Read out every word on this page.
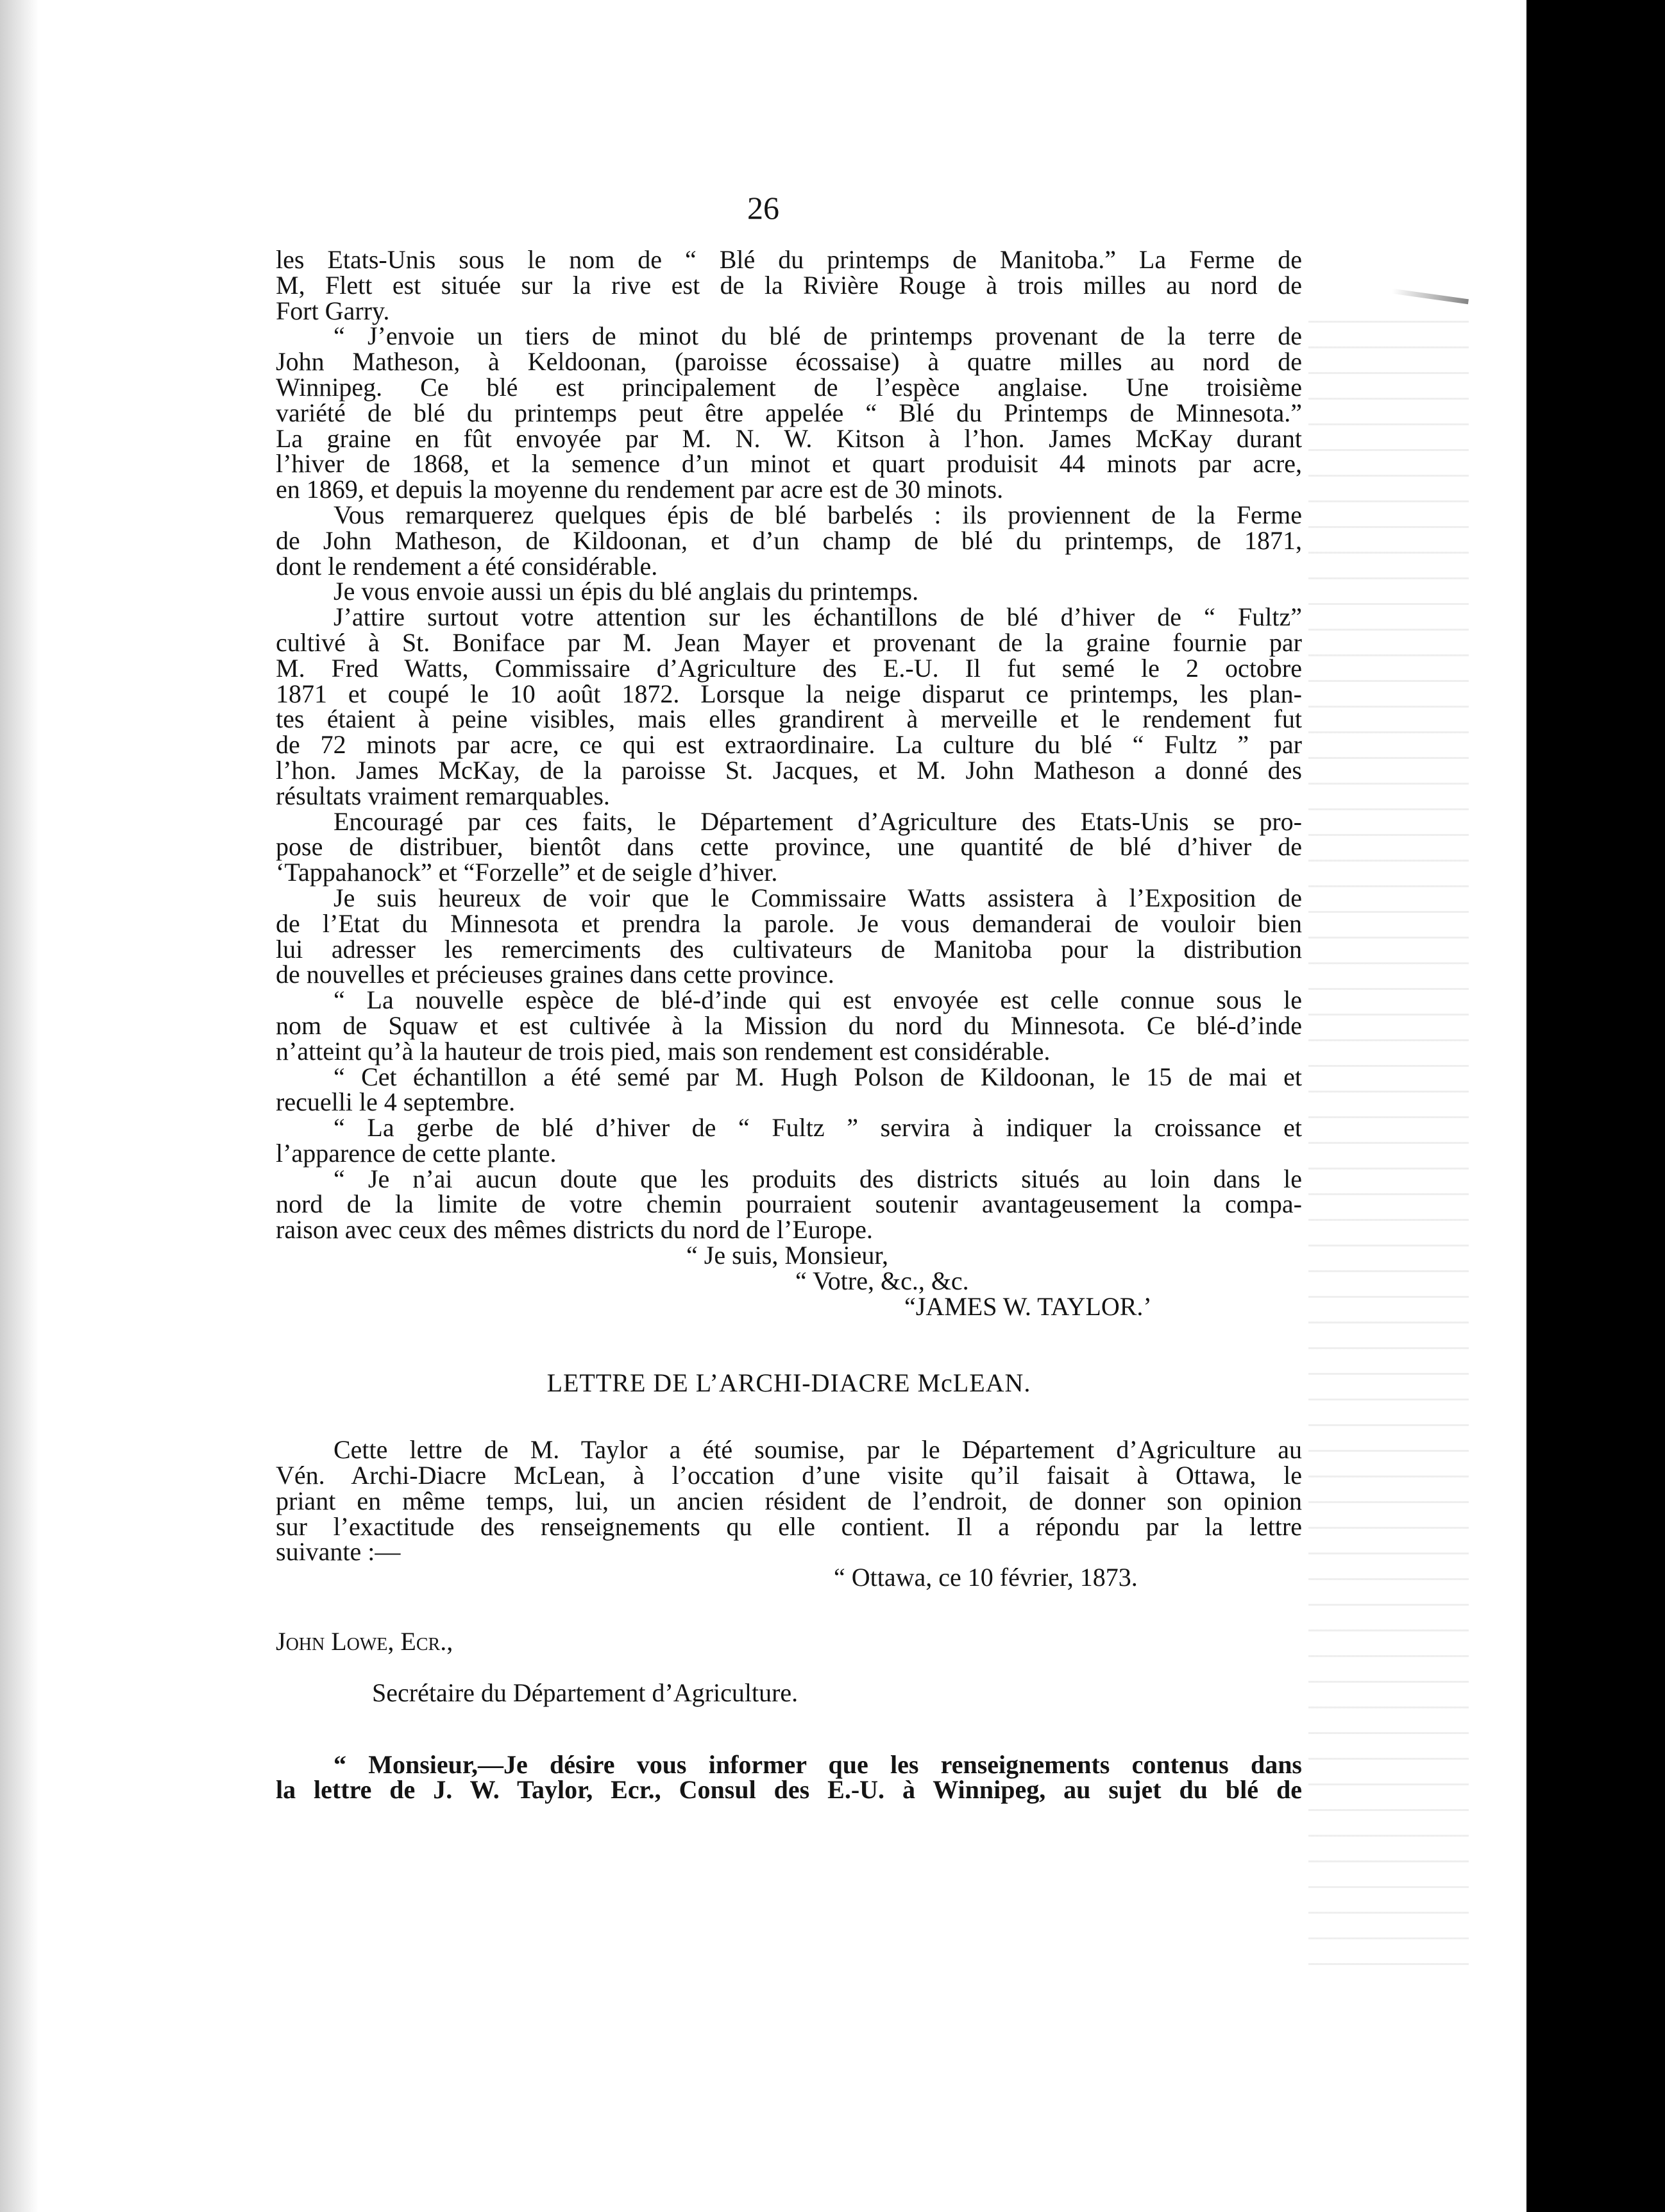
26
les Etats-Unis sous le nom de “ Blé du printemps de Manitoba.” La Ferme de
M, Flett est située sur la rive est de la Rivière Rouge à trois milles au nord de
Fort Garry.
“ J’envoie un tiers de minot du blé de printemps provenant de la terre de
John Matheson, à Keldoonan, (paroisse écossaise) à quatre milles au nord de
Winnipeg. Ce blé est principalement de l’espèce anglaise. Une troisième
variété de blé du printemps peut être appelée “ Blé du Printemps de Minnesota.”
La graine en fût envoyée par M. N. W. Kitson à l’hon. James McKay durant
l’hiver de 1868, et la semence d’un minot et quart produisit 44 minots par acre,
en 1869, et depuis la moyenne du rendement par acre est de 30 minots.
Vous remarquerez quelques épis de blé barbelés : ils proviennent de la Ferme
de John Matheson, de Kildoonan, et d’un champ de blé du printemps, de 1871,
dont le rendement a été considérable.
Je vous envoie aussi un épis du blé anglais du printemps.
J’attire surtout votre attention sur les échantillons de blé d’hiver de “ Fultz”
cultivé à St. Boniface par M. Jean Mayer et provenant de la graine fournie par
M. Fred Watts, Commissaire d’Agriculture des E.-U. Il fut semé le 2 octobre
1871 et coupé le 10 août 1872. Lorsque la neige disparut ce printemps, les plan-
tes étaient à peine visibles, mais elles grandirent à merveille et le rendement fut
de 72 minots par acre, ce qui est extraordinaire. La culture du blé “ Fultz ” par
l’hon. James McKay, de la paroisse St. Jacques, et M. John Matheson a donné des
résultats vraiment remarquables.
Encouragé par ces faits, le Département d’Agriculture des Etats-Unis se pro-
pose de distribuer, bientôt dans cette province, une quantité de blé d’hiver de
‘Tappahanock” et “Forzelle” et de seigle d’hiver.
Je suis heureux de voir que le Commissaire Watts assistera à l’Exposition de
de l’Etat du Minnesota et prendra la parole. Je vous demanderai de vouloir bien
lui adresser les remerciments des cultivateurs de Manitoba pour la distribution
de nouvelles et précieuses graines dans cette province.
“ La nouvelle espèce de blé-d’inde qui est envoyée est celle connue sous le
nom de Squaw et est cultivée à la Mission du nord du Minnesota. Ce blé-d’inde
n’atteint qu’à la hauteur de trois pied, mais son rendement est considérable.
“ Cet échantillon a été semé par M. Hugh Polson de Kildoonan, le 15 de mai et
recuelli le 4 septembre.
“ La gerbe de blé d’hiver de “ Fultz ” servira à indiquer la croissance et
l’apparence de cette plante.
“ Je n’ai aucun doute que les produits des districts situés au loin dans le
nord de la limite de votre chemin pourraient soutenir avantageusement la compa-
raison avec ceux des mêmes districts du nord de l’Europe.
“ Je suis, Monsieur,
“ Votre, &c., &c.
“JAMES W. TAYLOR.’
LETTRE DE L’ARCHI-DIACRE McLEAN.
Cette lettre de M. Taylor a été soumise, par le Département d’Agriculture au
Vén. Archi-Diacre McLean, à l’occation d’une visite qu’il faisait à Ottawa, le
priant en même temps, lui, un ancien résident de l’endroit, de donner son opinion
sur l’exactitude des renseignements qu elle contient. Il a répondu par la lettre
suivante :—
“ Ottawa, ce 10 février, 1873.
John Lowe, Ecr.,
Secrétaire du Département d’Agriculture.
“ Monsieur,—Je désire vous informer que les renseignements contenus dans
la lettre de J. W. Taylor, Ecr., Consul des E.-U. à Winnipeg, au sujet du blé de
